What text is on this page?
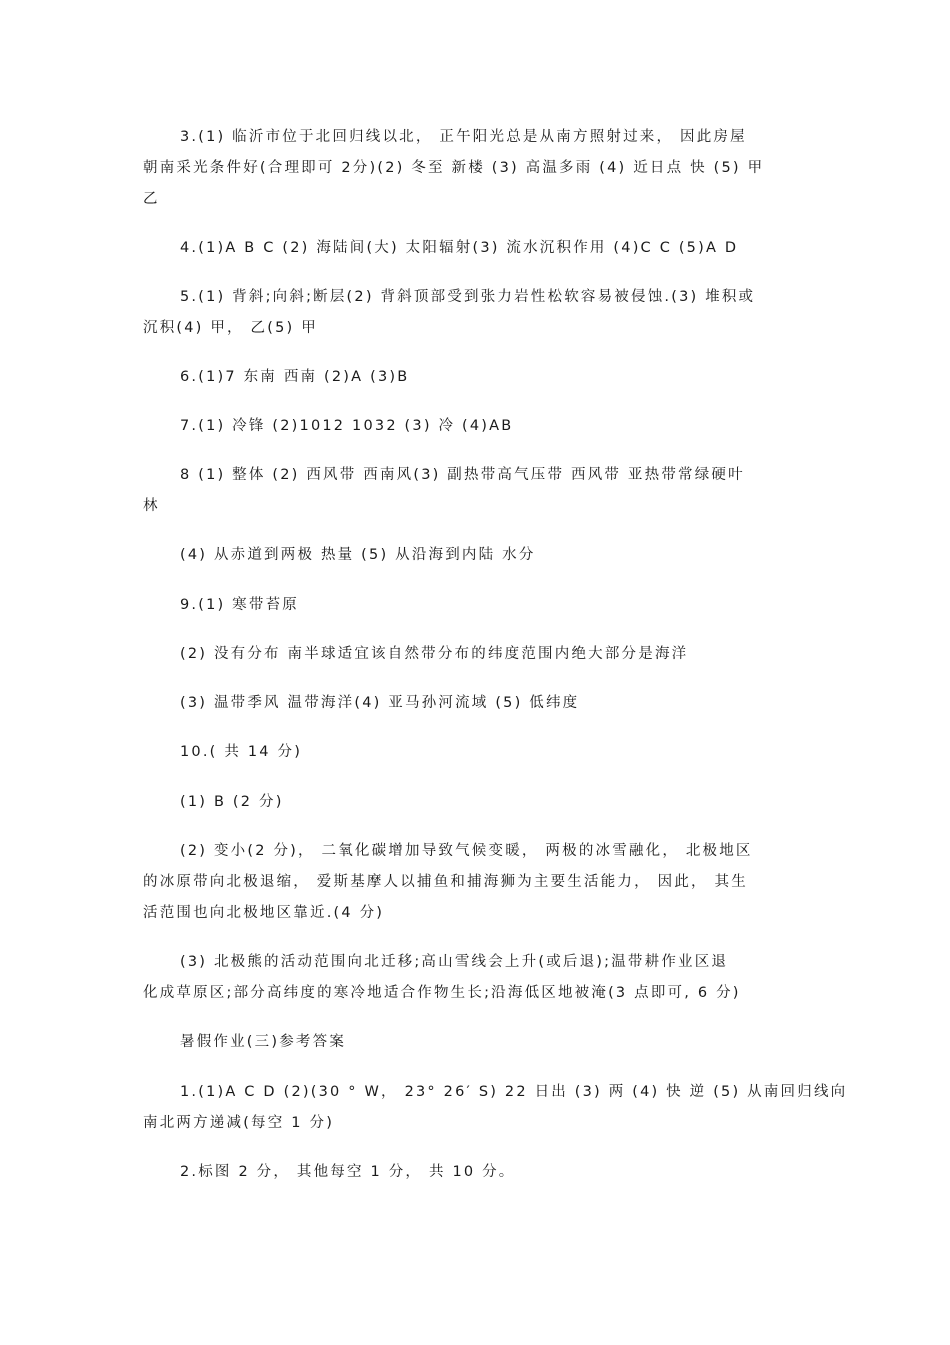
3.(1) 临沂市位于北回归线以北， 正午阳光总是从南方照射过来， 因此房屋
朝南采光条件好(合理即可 2分)(2) 冬至 新楼 (3) 高温多雨 (4) 近日点 快 (5) 甲
乙
4.(1)A B C (2) 海陆间(大) 太阳辐射(3) 流水沉积作用 (4)C C (5)A D
5.(1) 背斜;向斜;断层(2) 背斜顶部受到张力岩性松软容易被侵蚀.(3) 堆积或
沉积(4) 甲， 乙(5) 甲
6.(1)7 东南 西南 (2)A (3)B
7.(1) 冷锋 (2)1012 1032 (3) 冷 (4)AB
8 (1) 整体 (2) 西风带 西南风(3) 副热带高气压带 西风带 亚热带常绿硬叶
林
(4) 从赤道到两极 热量 (5) 从沿海到内陆 水分
9.(1) 寒带苔原
(2) 没有分布 南半球适宜该自然带分布的纬度范围内绝大部分是海洋
(3) 温带季风 温带海洋(4) 亚马孙河流域 (5) 低纬度
10.( 共 14 分)
(1) B (2 分)
(2) 变小(2 分)， 二氧化碳增加导致气候变暖， 两极的冰雪融化， 北极地区
的冰原带向北极退缩， 爱斯基摩人以捕鱼和捕海狮为主要生活能力， 因此， 其生
活范围也向北极地区靠近.(4 分)
(3) 北极熊的活动范围向北迁移;高山雪线会上升(或后退);温带耕作业区退
化成草原区;部分高纬度的寒冷地适合作物生长;沿海低区地被淹(3 点即可, 6 分)
暑假作业(三)参考答案
1.(1)A C D (2)(30 ° W， 23° 26′ S) 22 日出 (3) 两 (4) 快 逆 (5) 从南回归线向
南北两方递减(每空 1 分)
2.标图 2 分， 其他每空 1 分， 共 10 分。
